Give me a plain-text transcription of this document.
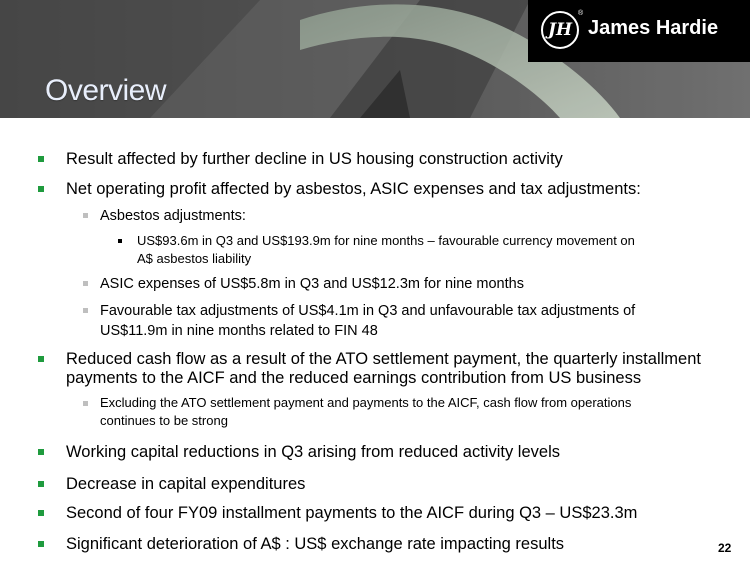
Overview
JH
®
James Hardie
Result affected by further decline in US housing construction activity
Net operating profit affected by asbestos, ASIC expenses and tax adjustments:
Asbestos adjustments:
US$93.6m in Q3 and US$193.9m for nine months – favourable currency movement on
A$ asbestos liability
ASIC expenses of US$5.8m in Q3 and US$12.3m for nine months
Favourable tax adjustments of US$4.1m in Q3 and unfavourable tax adjustments of
US$11.9m in nine months related to FIN 48
Reduced cash flow as a result of the ATO settlement payment, the quarterly installment
payments to the AICF and the reduced earnings contribution from US business
Excluding the ATO settlement payment and payments to the AICF, cash flow from operations
continues to be strong
Working capital reductions in Q3 arising from reduced activity levels
Decrease in capital expenditures
Second of four FY09 installment payments to the AICF during Q3 – US$23.3m
Significant deterioration of A$ : US$ exchange rate impacting results	22
